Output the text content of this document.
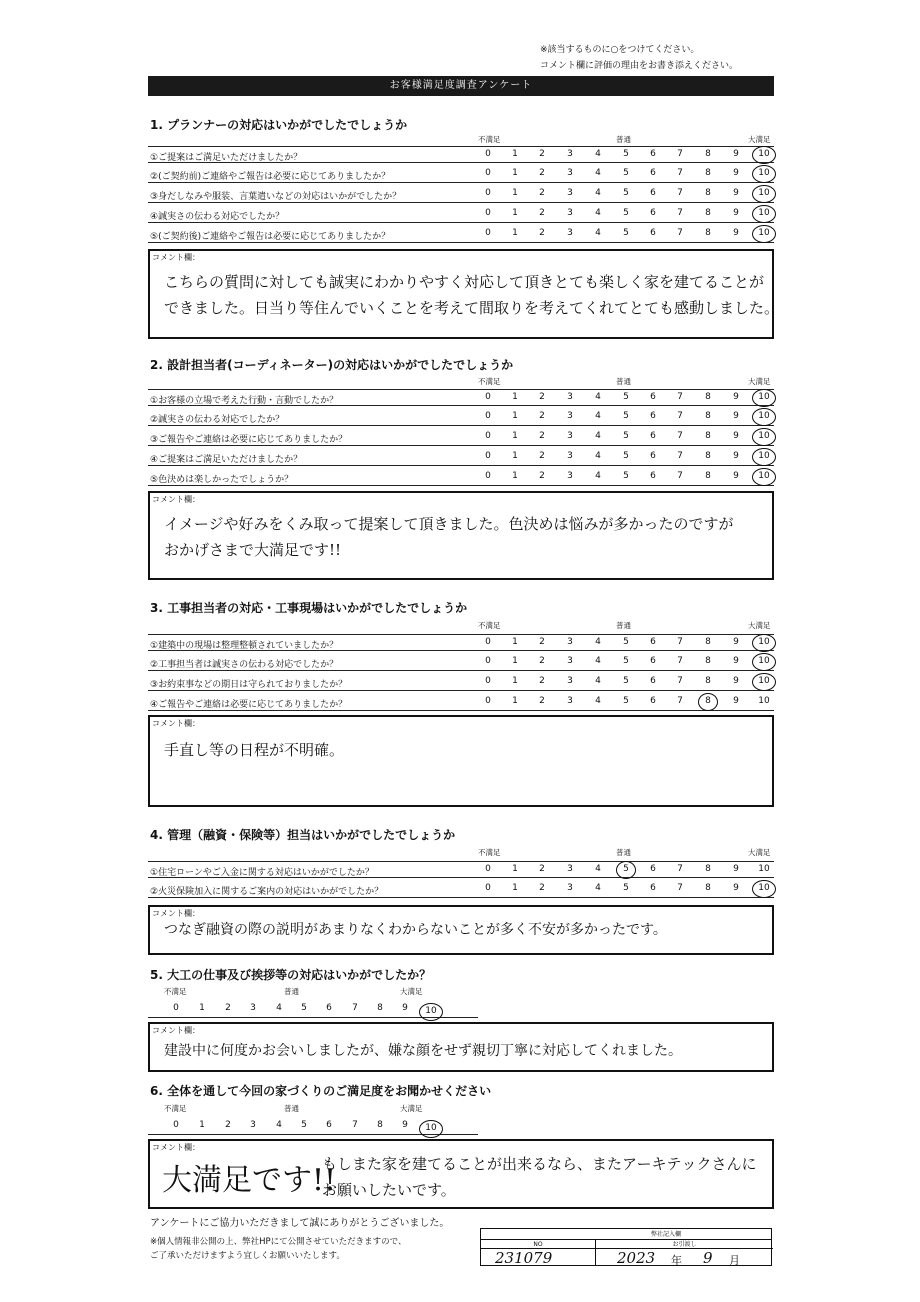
※該当するものに○をつけてください。
コメント欄に評価の理由をお書き添えください。
お客様満足度調査アンケート
1. プランナーの対応はいかがでしたでしょうか
不満足	普通	大満足
①ご提案はご満足いただけましたか？	0	1	2	3	4	5	6	7	8	9	10
②(ご契約前)ご連絡やご報告は必要に応じてありましたか？	0	1	2	3	4	5	6	7	8	9	10
③身だしなみや服装、言葉遣いなどの対応はいかがでしたか？	0	1	2	3	4	5	6	7	8	9	10
④誠実さの伝わる対応でしたか？	0	1	2	3	4	5	6	7	8	9	10
⑤(ご契約後)ご連絡やご報告は必要に応じてありましたか？	0	1	2	3	4	5	6	7	8	9	10
コメント欄：
こちらの質問に対しても誠実にわかりやすく対応して頂きとても楽しく家を建てることが
できました。日当り等住んでいくことを考えて間取りを考えてくれてとても感動しました。
2. 設計担当者(コーディネーター)の対応はいかがでしたでしょうか
不満足	普通	大満足
①お客様の立場で考えた行動・言動でしたか？	0	1	2	3	4	5	6	7	8	9	10
②誠実さの伝わる対応でしたか？	0	1	2	3	4	5	6	7	8	9	10
③ご報告やご連絡は必要に応じてありましたか？	0	1	2	3	4	5	6	7	8	9	10
④ご提案はご満足いただけましたか？	0	1	2	3	4	5	6	7	8	9	10
⑤色決めは楽しかったでしょうか？	0	1	2	3	4	5	6	7	8	9	10
コメント欄：
イメージや好みをくみ取って提案して頂きました。色決めは悩みが多かったのですが
おかげさまで大満足です!!
3. 工事担当者の対応・工事現場はいかがでしたでしょうか
不満足	普通	大満足
①建築中の現場は整理整頓されていましたか？	0	1	2	3	4	5	6	7	8	9	10
②工事担当者は誠実さの伝わる対応でしたか？	0	1	2	3	4	5	6	7	8	9	10
③お約束事などの期日は守られておりましたか？	0	1	2	3	4	5	6	7	8	9	10
④ご報告やご連絡は必要に応じてありましたか？	0	1	2	3	4	5	6	7	8	9	10
コメント欄：
手直し等の日程が不明確。
4. 管理（融資・保険等）担当はいかがでしたでしょうか
不満足	普通	大満足
①住宅ローンやご入金に関する対応はいかがでしたか？	0	1	2	3	4	5	6	7	8	9	10
②火災保険加入に関するご案内の対応はいかがでしたか？	0	1	2	3	4	5	6	7	8	9	10
コメント欄：
つなぎ融資の際の説明があまりなくわからないことが多く不安が多かったです。
5. 大工の仕事及び挨拶等の対応はいかがでしたか？
不満足	普通	大満足
0	1	2	3	4	5	6	7	8	9	10
コメント欄：
建設中に何度かお会いしましたが、嫌な顔をせず親切丁寧に対応してくれました。
6. 全体を通して今回の家づくりのご満足度をお聞かせください
不満足	普通	大満足
0	1	2	3	4	5	6	7	8	9	10
コメント欄：
大満足です!!
もしまた家を建てることが出来るなら、またアーキテックさんに
お願いしたいです。
アンケートにご協力いただきまして誠にありがとうございました。
※個人情報非公開の上、弊社HPにて公開させていただきますので、
ご了承いただけますよう宜しくお願いいたします。
弊社記入欄
NO	お引渡し
231079	2023 年 9 月
